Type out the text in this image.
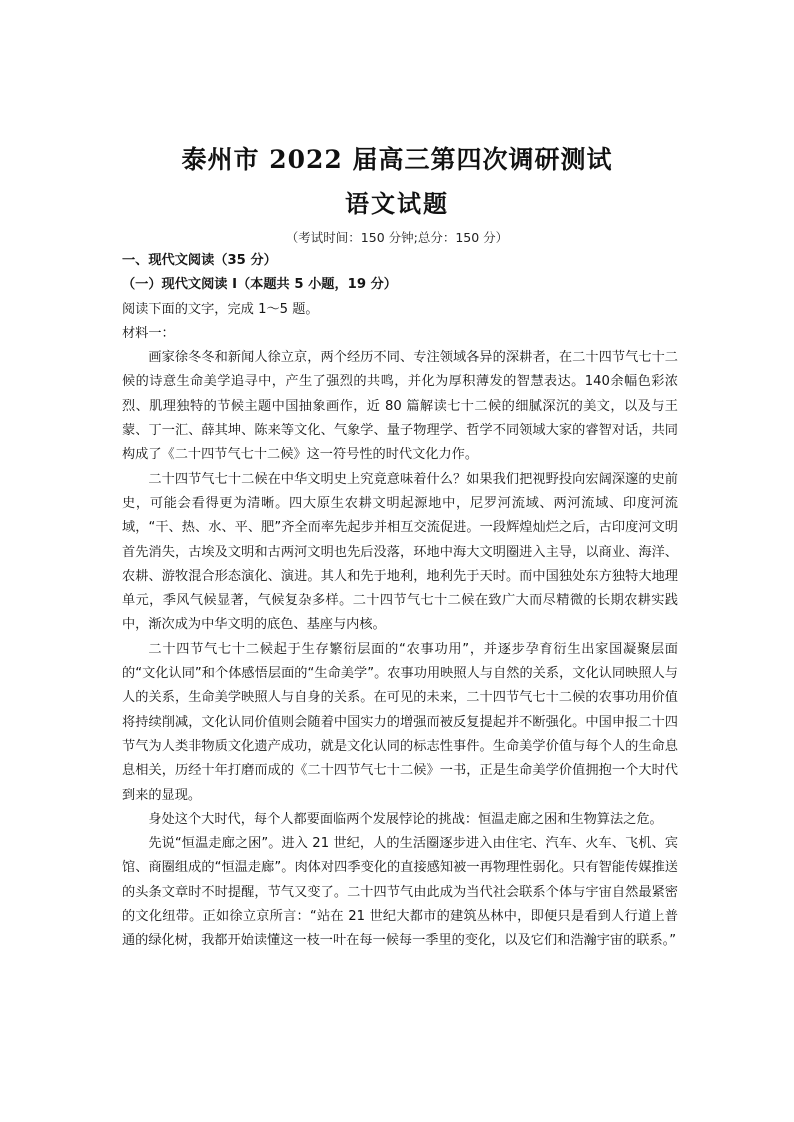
泰州市 2022 届高三第四次调研测试
语文试题
（考试时间：150 分钟;总分：150 分）

一、现代文阅读（35 分）

（一）现代文阅读 I（本题共 5 小题，19 分）

阅读下面的文字，完成 1～5 题。

材料一：

画家徐冬冬和新闻人徐立京，两个经历不同、专注领域各异的深耕者，在二十四节气七十二候的诗意生命美学追寻中，产生了强烈的共鸣，并化为厚积薄发的智慧表达。140余幅色彩浓烈、肌理独特的节候主题中国抽象画作，近 80 篇解读七十二候的细腻深沉的美文，以及与王蒙、丁一汇、薛其坤、陈来等文化、气象学、量子物理学、哲学不同领域大家的睿智对话，共同构成了《二十四节气七十二候》这一符号性的时代文化力作。

二十四节气七十二候在中华文明史上究竟意味着什么？如果我们把视野投向宏阔深邃的史前史，可能会看得更为清晰。四大原生农耕文明起源地中，尼罗河流域、两河流域、印度河流域，“干、热、水、平、肥”齐全而率先起步并相互交流促进。一段辉煌灿烂之后，古印度河文明首先消失，古埃及文明和古两河文明也先后没落，环地中海大文明圈进入主导，以商业、海洋、农耕、游牧混合形态演化、演进。其人和先于地利，地利先于天时。而中国独处东方独特大地理单元，季风气候显著，气候复杂多样。二十四节气七十二候在致广大而尽精微的长期农耕实践中，渐次成为中华文明的底色、基座与内核。

二十四节气七十二候起于生存繁衍层面的“农事功用”，并逐步孕育衍生出家国凝聚层面的“文化认同”和个体感悟层面的“生命美学”。农事功用映照人与自然的关系，文化认同映照人与人的关系，生命美学映照人与自身的关系。在可见的未来，二十四节气七十二候的农事功用价值将持续削减，文化认同价值则会随着中国实力的增强而被反复提起并不断强化。中国申报二十四节气为人类非物质文化遗产成功，就是文化认同的标志性事件。生命美学价值与每个人的生命息息相关，历经十年打磨而成的《二十四节气七十二候》一书，正是生命美学价值拥抱一个大时代到来的显现。

身处这个大时代，每个人都要面临两个发展悖论的挑战：恒温走廊之困和生物算法之危。

先说“恒温走廊之困”。进入 21 世纪，人的生活圈逐步进入由住宅、汽车、火车、飞机、宾馆、商圈组成的“恒温走廊”。肉体对四季变化的直接感知被一再物理性弱化。只有智能传媒推送的头条文章时不时提醒，节气又变了。二十四节气由此成为当代社会联系个体与宇宙自然最紧密的文化纽带。正如徐立京所言：“站在 21 世纪大都市的建筑丛林中，即便只是看到人行道上普通的绿化树，我都开始读懂这一枝一叶在每一候每一季里的变化，以及它们和浩瀚宇宙的联系。”
